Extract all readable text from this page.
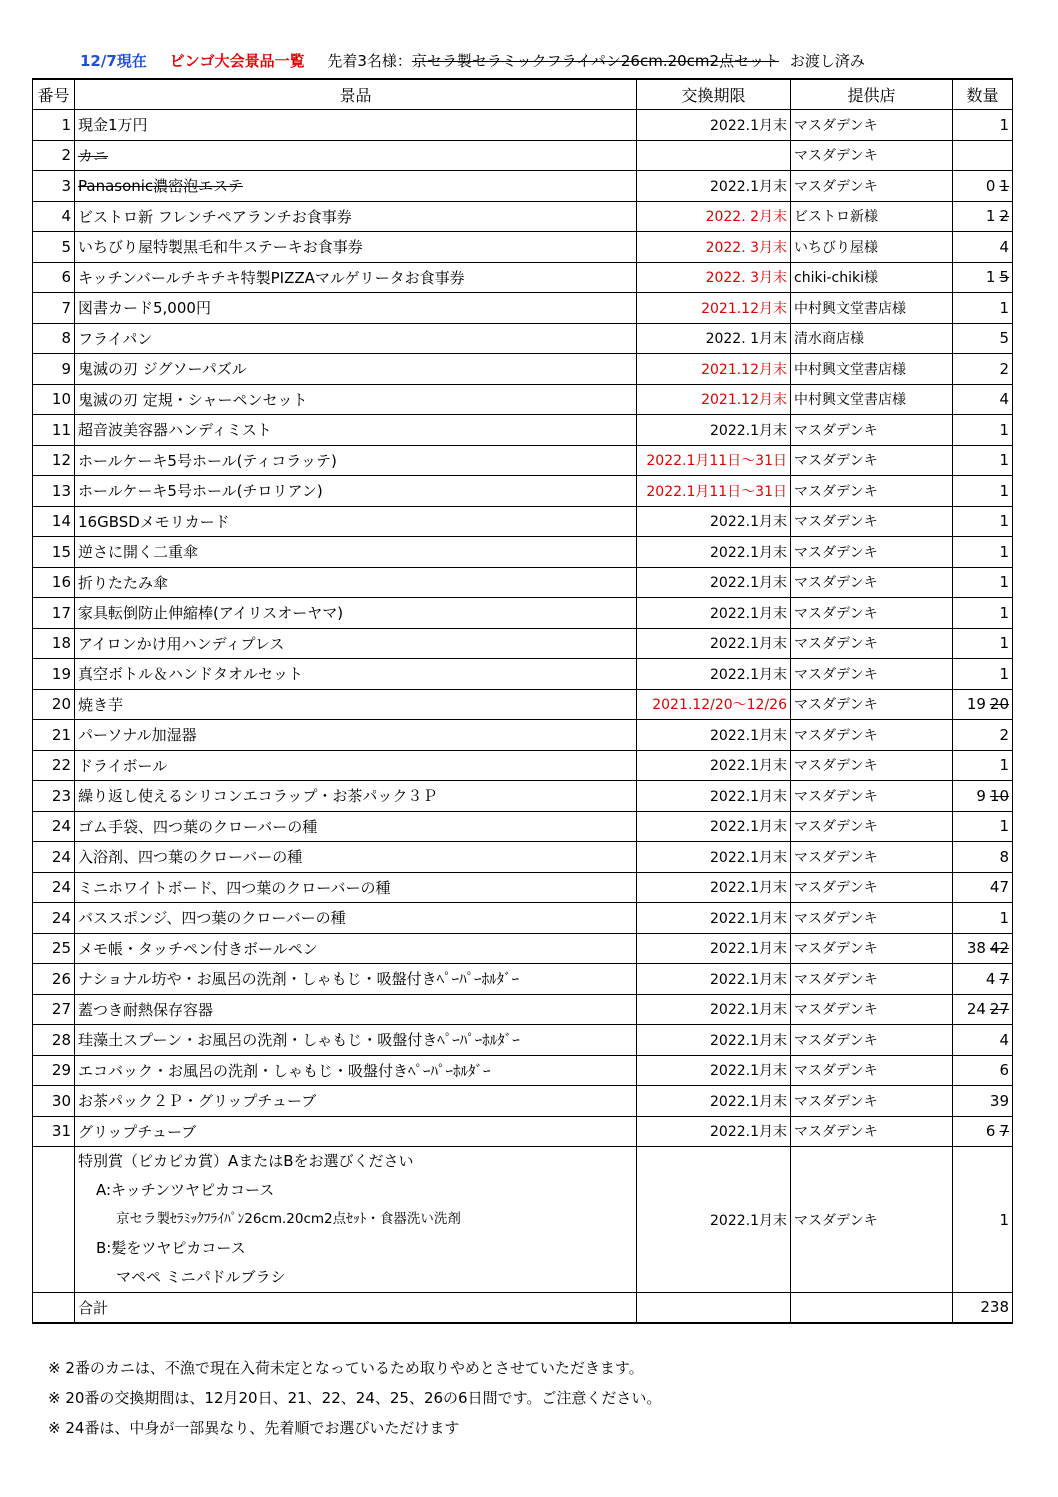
12/7現在 ビンゴ大会景品一覧 先着3名様：京セラ製セラミックフライパン26cm.20cm2点セット お渡し済み
番号	景品	交換期限	提供店	数量
1	現金1万円	2022.1月末	マスダデンキ	1
2	カニ		マスダデンキ	
3	Panasonic濃密泡エステ	2022.1月末	マスダデンキ	0 1
4	ビストロ新 フレンチペアランチお食事券	2022. 2月末	ビストロ新様	1 2
5	いちびり屋特製黒毛和牛ステーキお食事券	2022. 3月末	いちびり屋様	4
6	キッチンバールチキチキ特製PIZZAマルゲリータお食事券	2022. 3月末	chiki-chiki様	1 5
7	図書カード5,000円	2021.12月末	中村興文堂書店様	1
8	フライパン	2022. 1月末	清水商店様	5
9	鬼滅の刃 ジグソーパズル	2021.12月末	中村興文堂書店様	2
10	鬼滅の刃 定規・シャーペンセット	2021.12月末	中村興文堂書店様	4
11	超音波美容器ハンディミスト	2022.1月末	マスダデンキ	1
12	ホールケーキ5号ホール(ティコラッテ)	2022.1月11日～31日	マスダデンキ	1
13	ホールケーキ5号ホール(チロリアン)	2022.1月11日～31日	マスダデンキ	1
14	16GBSDメモリカード	2022.1月末	マスダデンキ	1
15	逆さに開く二重傘	2022.1月末	マスダデンキ	1
16	折りたたみ傘	2022.1月末	マスダデンキ	1
17	家具転倒防止伸縮棒(アイリスオーヤマ)	2022.1月末	マスダデンキ	1
18	アイロンかけ用ハンディプレス	2022.1月末	マスダデンキ	1
19	真空ボトル＆ハンドタオルセット	2022.1月末	マスダデンキ	1
20	焼き芋	2021.12/20～12/26	マスダデンキ	19 20
21	パーソナル加湿器	2022.1月末	マスダデンキ	2
22	ドライボール	2022.1月末	マスダデンキ	1
23	繰り返し使えるシリコンエコラップ・お茶パック３Ｐ	2022.1月末	マスダデンキ	9 10
24	ゴム手袋、四つ葉のクローバーの種	2022.1月末	マスダデンキ	1
24	入浴剤、四つ葉のクローバーの種	2022.1月末	マスダデンキ	8
24	ミニホワイトボード、四つ葉のクローバーの種	2022.1月末	マスダデンキ	47
24	バススポンジ、四つ葉のクローバーの種	2022.1月末	マスダデンキ	1
25	メモ帳・タッチペン付きボールペン	2022.1月末	マスダデンキ	38 42
26	ナショナル坊や・お風呂の洗剤・しゃもじ・吸盤付きﾍﾟｰﾊﾟｰﾎﾙﾀﾞｰ	2022.1月末	マスダデンキ	4 7
27	蓋つき耐熱保存容器	2022.1月末	マスダデンキ	24 27
28	珪藻土スプーン・お風呂の洗剤・しゃもじ・吸盤付きﾍﾟｰﾊﾟｰﾎﾙﾀﾞｰ	2022.1月末	マスダデンキ	4
29	エコバック・お風呂の洗剤・しゃもじ・吸盤付きﾍﾟｰﾊﾟｰﾎﾙﾀﾞｰ	2022.1月末	マスダデンキ	6
30	お茶パック２Ｐ・グリップチューブ	2022.1月末	マスダデンキ	39
31	グリップチューブ	2022.1月末	マスダデンキ	6 7

	特別賞（ピカピカ賞）AまたはBをお選びください
A:キッチンツヤピカコース
京セラ製ｾﾗﾐｯｸﾌﾗｲﾊﾟﾝ26cm.20cm2点ｾｯﾄ・食器洗い洗剤
B:髪をツヤピカコース
マペペ ミニパドルブラシ	2022.1月末	マスダデンキ	1
	合計			238
※ 2番のカニは、不漁で現在入荷未定となっているため取りやめとさせていただきます。
※ 20番の交換期間は、12月20日、21、22、24、25、26の6日間です。ご注意ください。
※ 24番は、中身が一部異なり、先着順でお選びいただけます
